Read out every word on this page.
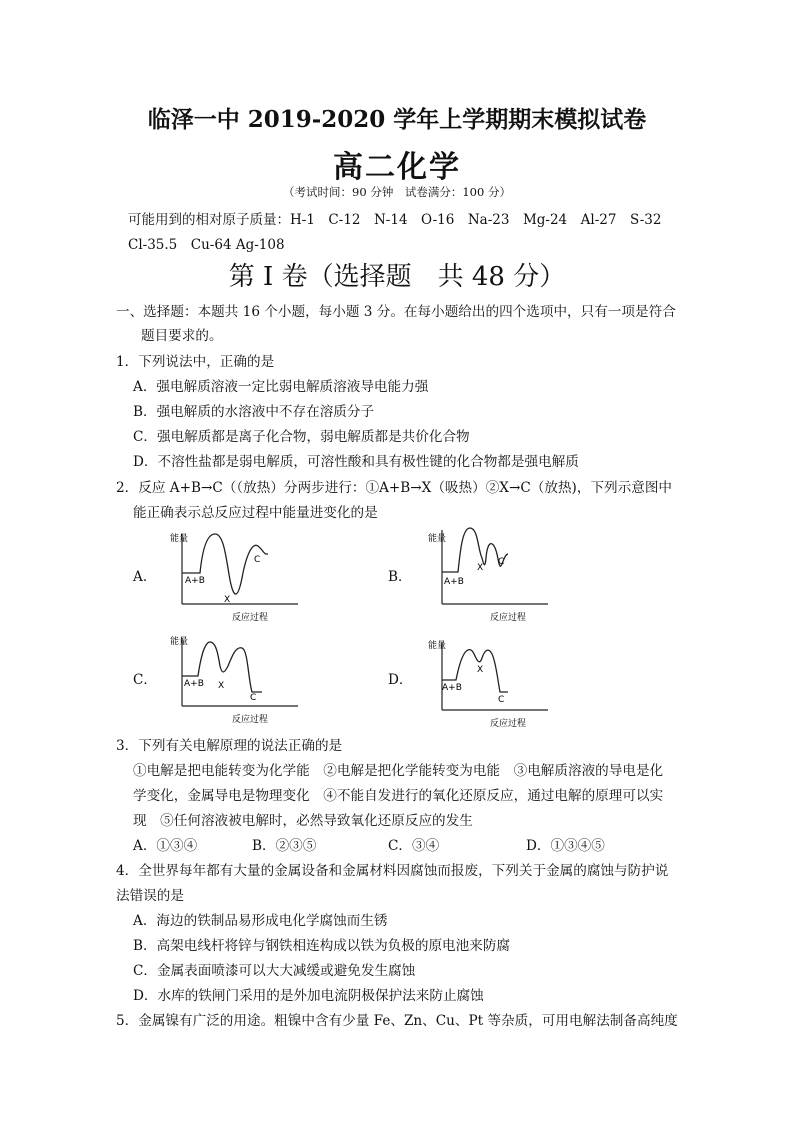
临泽一中 2019-2020 学年上学期期末模拟试卷
高二化学
（考试时间：90 分钟　试卷满分：100 分）
可能用到的相对原子质量：H-1　C-12　N-14　O-16　Na-23　Mg-24　Al-27　S-32
Cl-35.5　Cu-64 Ag-108
第 I 卷（选择题　共 48 分）
一、选择题：本题共 16 个小题，每小题 3 分。在每小题给出的四个选项中，只有一项是符合
题目要求的。
1．下列说法中，正确的是
A．强电解质溶液一定比弱电解质溶液导电能力强
B．强电解质的水溶液中不存在溶质分子
C．强电解质都是离子化合物，弱电解质都是共价化合物
D．不溶性盐都是弱电解质，可溶性酸和具有极性键的化合物都是强电解质
2．反应 A+B→C（（放热）分两步进行：①A+B→X（吸热）②X→C（放热)，下列示意图中
能正确表示总反应过程中能量进变化的是
A．	B．
C．	D．
能量
反应过程
A+B
X
C
能量
反应过程
A+B
X
C
能量
反应过程
A+B X
C
能量
反应过程
A+B
X
C
3．下列有关电解原理的说法正确的是
①电解是把电能转变为化学能　②电解是把化学能转变为电能　③电解质溶液的导电是化
学变化，金属导电是物理变化　④不能自发进行的氧化还原反应，通过电解的原理可以实
现　⑤任何溶液被电解时，必然导致氧化还原反应的发生
A．①③④	B．②③⑤	C．③④	D．①③④⑤
4．全世界每年都有大量的金属设备和金属材料因腐蚀而报废，下列关于金属的腐蚀与防护说
法错误的是
A．海边的铁制品易形成电化学腐蚀而生锈
B．高架电线杆将锌与钢铁相连构成以铁为负极的原电池来防腐
C．金属表面喷漆可以大大减缓或避免发生腐蚀
D．水库的铁闸门采用的是外加电流阴极保护法来防止腐蚀
5．金属镍有广泛的用途。粗镍中含有少量 Fe、Zn、Cu、Pt 等杂质，可用电解法制备高纯度
